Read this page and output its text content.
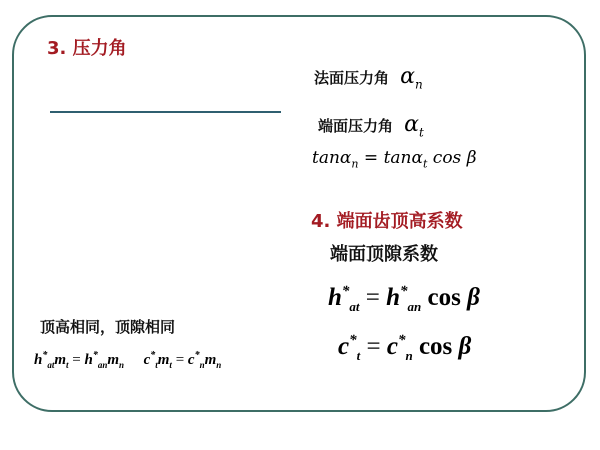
3. 压力角
法面压力角 $\alpha_n$
端面压力角 $\alpha_t$
tanα$_n$ = tanα$_t$ cos β
4. 端面齿顶高系数
端面顶隙系数
$h^*_{at} = h^*_{an}$ cos β
$c^*_t = c^*_n$ cos β
顶高相同，顶隙相同
$h^*_{at}m_t = h^*_{an}m_n$ $c^*_tm_t = c^*_nm_n$
